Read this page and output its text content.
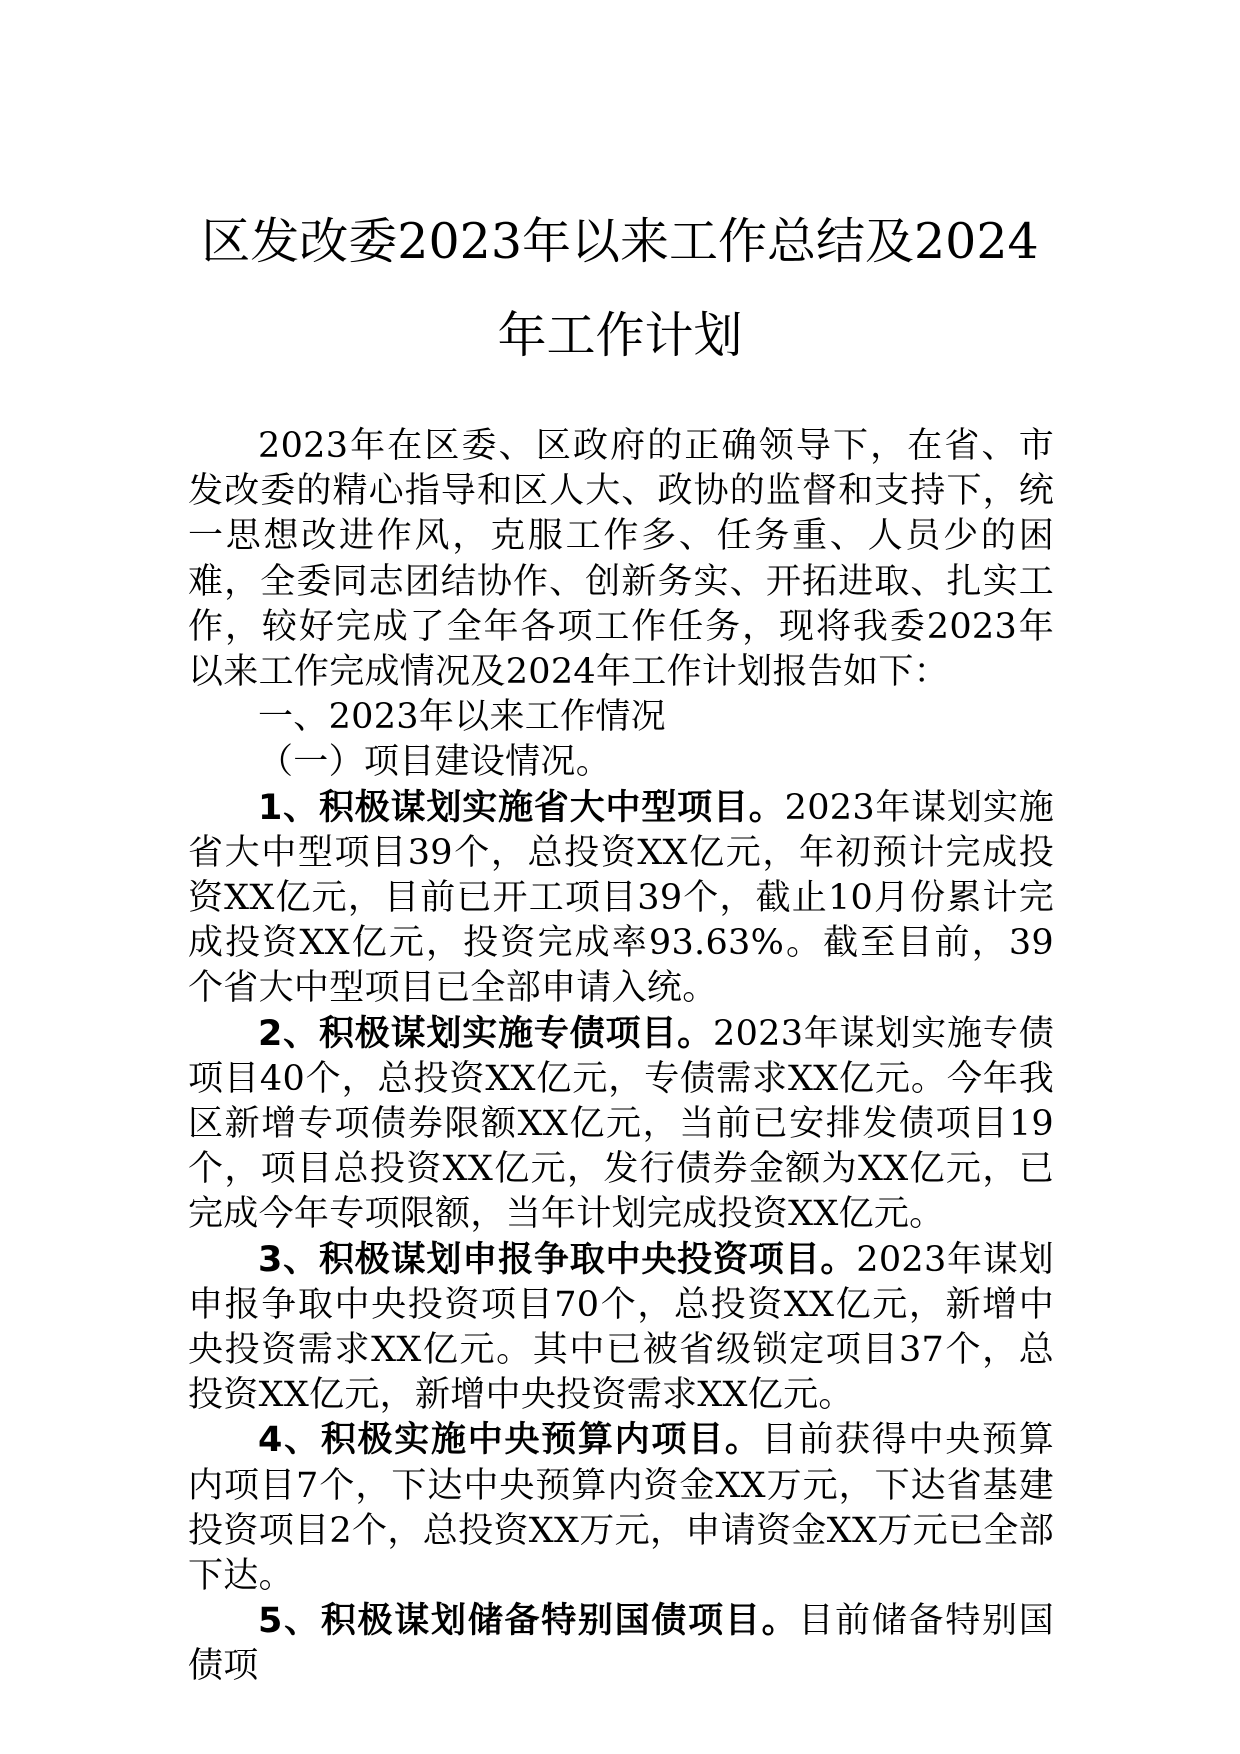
区发改委2023年以来工作总结及2024年工作计划

2023年在区委、区政府的正确领导下，在省、市发改委的精心指导和区人大、政协的监督和支持下，统一思想改进作风，克服工作多、任务重、人员少的困难，全委同志团结协作、创新务实、开拓进取、扎实工作，较好完成了全年各项工作任务，现将我委2023年以来工作完成情况及2024年工作计划报告如下：

一、2023年以来工作情况

（一）项目建设情况。

1、积极谋划实施省大中型项目。2023年谋划实施省大中型项目39个，总投资XX亿元，年初预计完成投资XX亿元，目前已开工项目39个，截止10月份累计完成投资XX亿元，投资完成率93.63%。截至目前，39个省大中型项目已全部申请入统。

2、积极谋划实施专债项目。2023年谋划实施专债项目40个，总投资XX亿元，专债需求XX亿元。今年我区新增专项债券限额XX亿元，当前已安排发债项目19个，项目总投资XX亿元，发行债券金额为XX亿元，已完成今年专项限额，当年计划完成投资XX亿元。

3、积极谋划申报争取中央投资项目。2023年谋划申报争取中央投资项目70个，总投资XX亿元，新增中央投资需求XX亿元。其中已被省级锁定项目37个，总投资XX亿元，新增中央投资需求XX亿元。

4、积极实施中央预算内项目。目前获得中央预算内项目7个，下达中央预算内资金XX万元，下达省基建投资项目2个，总投资XX万元，申请资金XX万元已全部下达。

5、积极谋划储备特别国债项目。目前储备特别国债项
